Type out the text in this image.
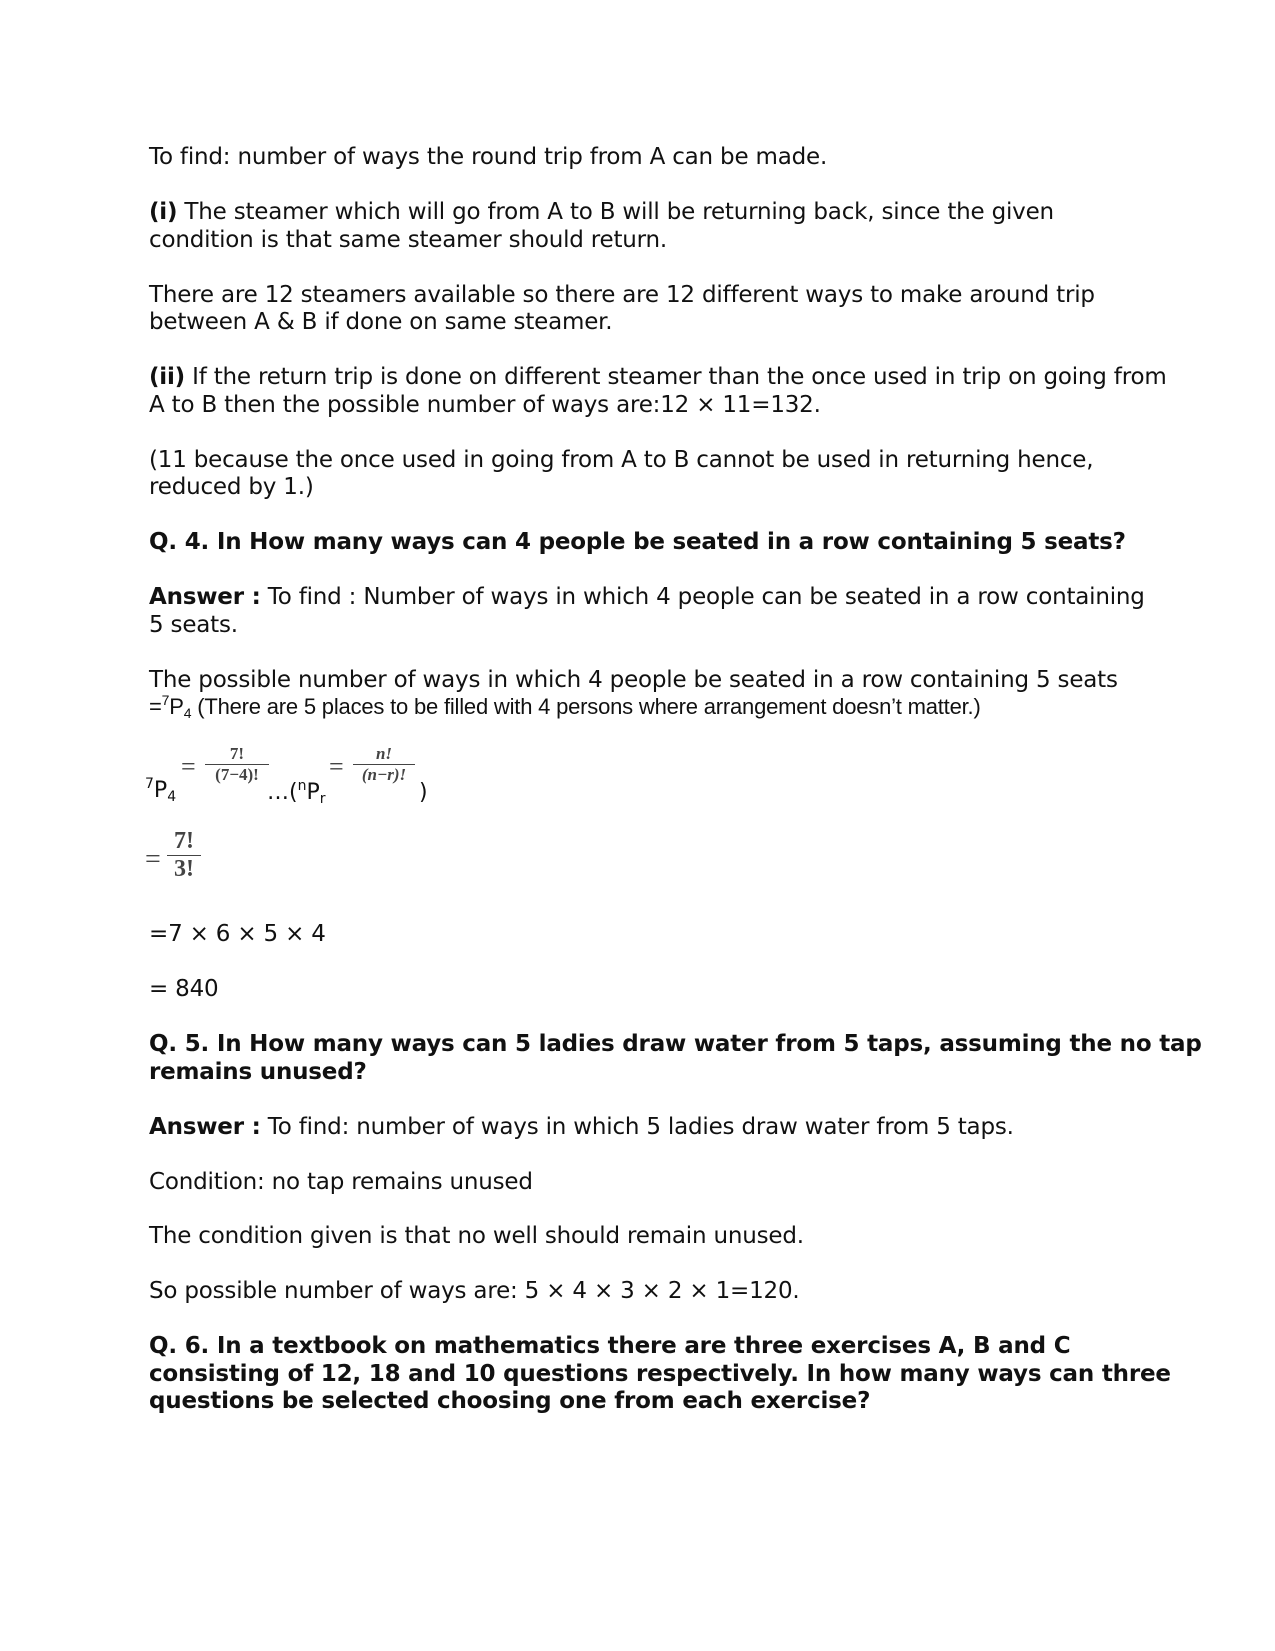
To find: number of ways the round trip from A can be made.
(i) The steamer which will go from A to B will be returning back, since the given
condition is that same steamer should return.
There are 12 steamers available so there are 12 different ways to make around trip
between A & B if done on same steamer.
(ii) If the return trip is done on different steamer than the once used in trip on going from
A to B then the possible number of ways are:12 × 11=132.
(11 because the once used in going from A to B cannot be used in returning hence,
reduced by 1.)
Q. 4. In How many ways can 4 people be seated in a row containing 5 seats?
Answer : To find : Number of ways in which 4 people can be seated in a row containing
5 seats.
The possible number of ways in which 4 people be seated in a row containing 5 seats
=$^7$P4 (There are 5 places to be filled with 4 persons where arrangement doesn’t matter.)
$^7$P4
= $\frac{7!}{(7-4)!}$
…($^n$Pr
= $\frac{n!}{(n-r)!}$
)
= $\frac{7!}{3!}$
=7 × 6 × 5 × 4
= 840
Q. 5. In How many ways can 5 ladies draw water from 5 taps, assuming the no tap
remains unused?
Answer : To find: number of ways in which 5 ladies draw water from 5 taps.
Condition: no tap remains unused
The condition given is that no well should remain unused.
So possible number of ways are: 5 × 4 × 3 × 2 × 1=120.
Q. 6. In a textbook on mathematics there are three exercises A, B and C
consisting of 12, 18 and 10 questions respectively. In how many ways can three
questions be selected choosing one from each exercise?
